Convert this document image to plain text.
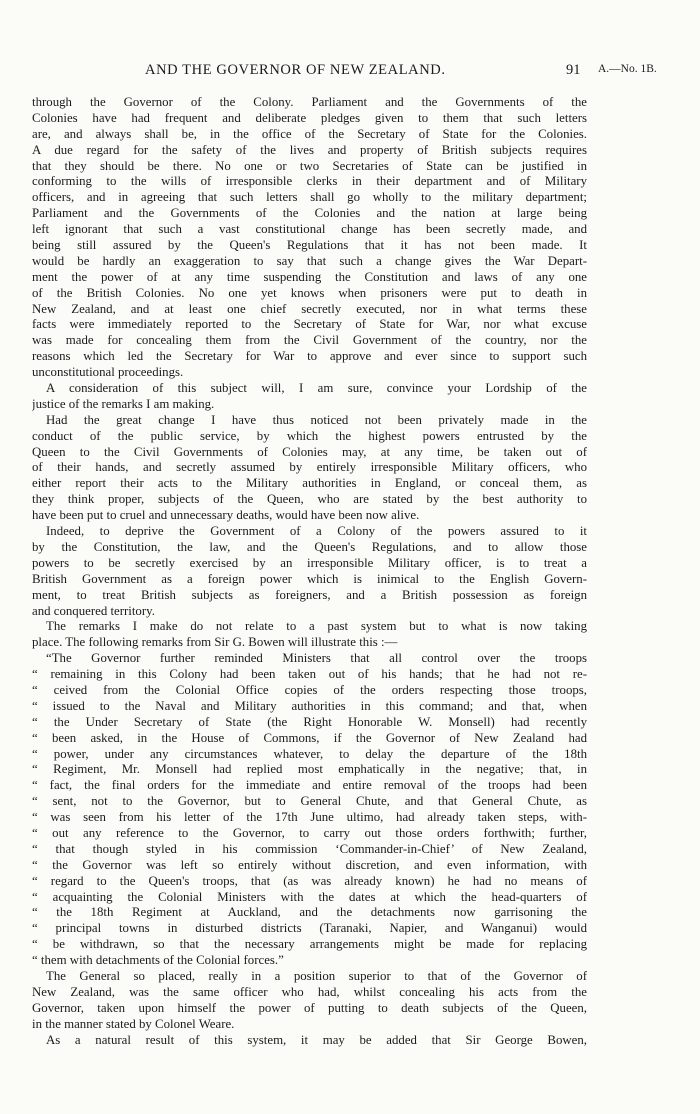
AND THE GOVERNOR OF NEW ZEALAND.	91 A.—No. 1B.
through the Governor of the Colony. Parliament and the Governments of the
Colonies have had frequent and deliberate pledges given to them that such letters
are, and always shall be, in the office of the Secretary of State for the Colonies.
A due regard for the safety of the lives and property of British subjects requires
that they should be there. No one or two Secretaries of State can be justified in
conforming to the wills of irresponsible clerks in their department and of Military
officers, and in agreeing that such letters shall go wholly to the military department;
Parliament and the Governments of the Colonies and the nation at large being
left ignorant that such a vast constitutional change has been secretly made, and
being still assured by the Queen's Regulations that it has not been made. It
would be hardly an exaggeration to say that such a change gives the War Depart-
ment the power of at any time suspending the Constitution and laws of any one
of the British Colonies. No one yet knows when prisoners were put to death in
New Zealand, and at least one chief secretly executed, nor in what terms these
facts were immediately reported to the Secretary of State for War, nor what excuse
was made for concealing them from the Civil Government of the country, nor the
reasons which led the Secretary for War to approve and ever since to support such
unconstitutional proceedings.
A consideration of this subject will, I am sure, convince your Lordship of the
justice of the remarks I am making.
Had the great change I have thus noticed not been privately made in the
conduct of the public service, by which the highest powers entrusted by the
Queen to the Civil Governments of Colonies may, at any time, be taken out of
of their hands, and secretly assumed by entirely irresponsible Military officers, who
either report their acts to the Military authorities in England, or conceal them, as
they think proper, subjects of the Queen, who are stated by the best authority to
have been put to cruel and unnecessary deaths, would have been now alive.
Indeed, to deprive the Government of a Colony of the powers assured to it
by the Constitution, the law, and the Queen's Regulations, and to allow those
powers to be secretly exercised by an irresponsible Military officer, is to treat a
British Government as a foreign power which is inimical to the English Govern-
ment, to treat British subjects as foreigners, and a British possession as foreign
and conquered territory.
The remarks I make do not relate to a past system but to what is now taking
place. The following remarks from Sir G. Bowen will illustrate this :—
“The Governor further reminded Ministers that all control over the troops
“ remaining in this Colony had been taken out of his hands; that he had not re-
“ ceived from the Colonial Office copies of the orders respecting those troops,
“ issued to the Naval and Military authorities in this command; and that, when
“ the Under Secretary of State (the Right Honorable W. Monsell) had recently
“ been asked, in the House of Commons, if the Governor of New Zealand had
“ power, under any circumstances whatever, to delay the departure of the 18th
“ Regiment, Mr. Monsell had replied most emphatically in the negative; that, in
“ fact, the final orders for the immediate and entire removal of the troops had been
“ sent, not to the Governor, but to General Chute, and that General Chute, as
“ was seen from his letter of the 17th June ultimo, had already taken steps, with-
“ out any reference to the Governor, to carry out those orders forthwith; further,
“ that though styled in his commission ‘Commander-in-Chief’ of New Zealand,
“ the Governor was left so entirely without discretion, and even information, with
“ regard to the Queen's troops, that (as was already known) he had no means of
“ acquainting the Colonial Ministers with the dates at which the head-quarters of
“ the 18th Regiment at Auckland, and the detachments now garrisoning the
“ principal towns in disturbed districts (Taranaki, Napier, and Wanganui) would
“ be withdrawn, so that the necessary arrangements might be made for replacing
“ them with detachments of the Colonial forces.”
The General so placed, really in a position superior to that of the Governor of
New Zealand, was the same officer who had, whilst concealing his acts from the
Governor, taken upon himself the power of putting to death subjects of the Queen,
in the manner stated by Colonel Weare.
As a natural result of this system, it may be added that Sir George Bowen,
